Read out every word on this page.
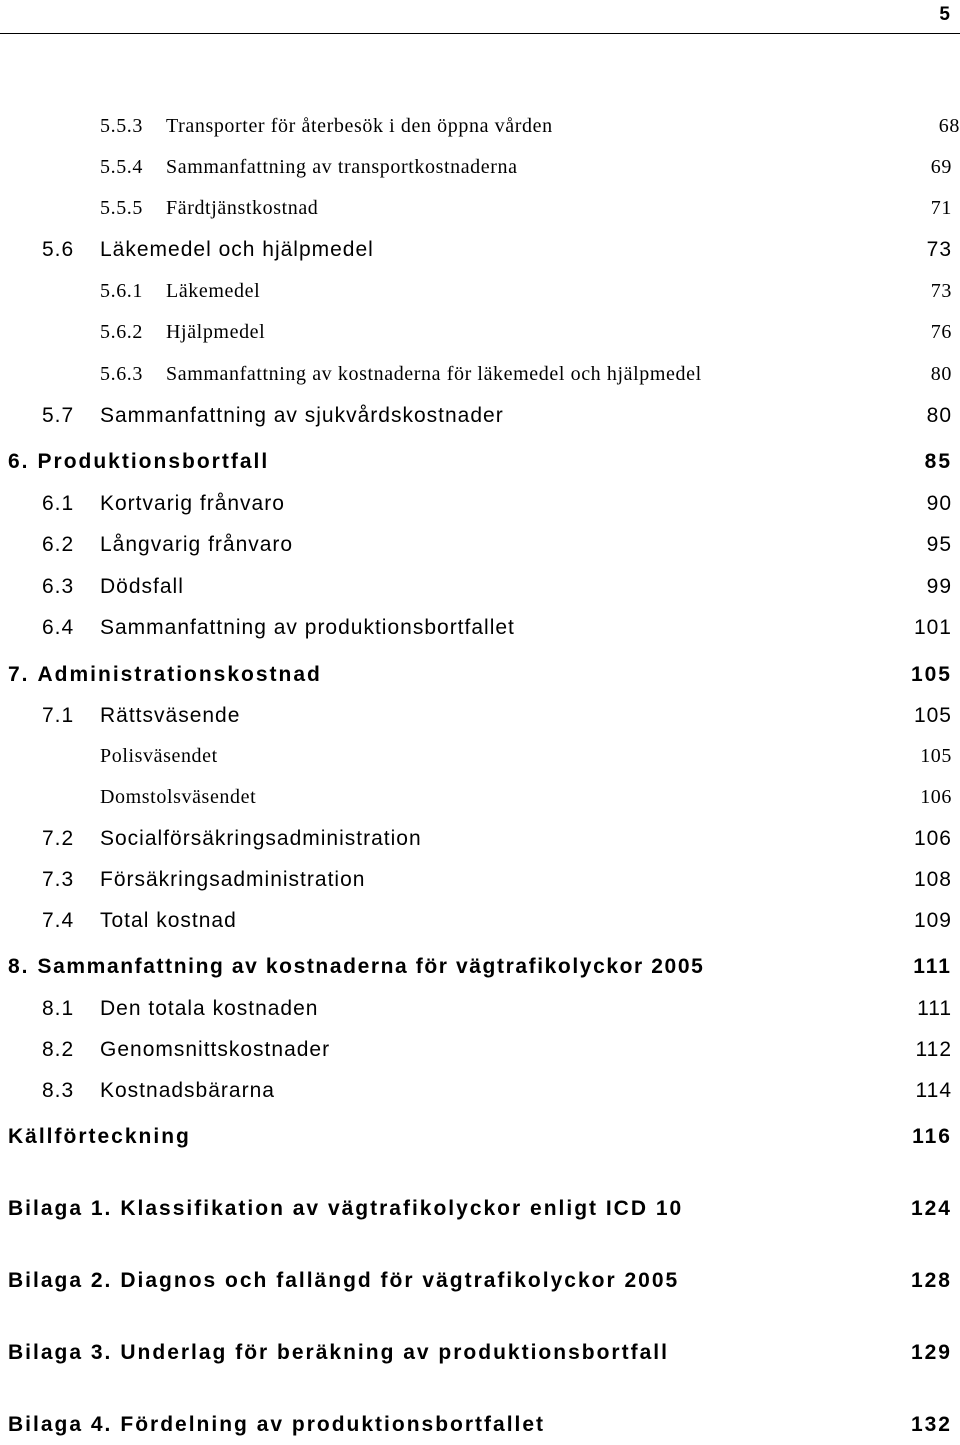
5
5.5.3	Transporter för återbesök i den öppna vården	68
5.5.4	Sammanfattning av transportkostnaderna	69
5.5.5	Färdtjänstkostnad	71
5.6	Läkemedel och hjälpmedel	73
5.6.1	Läkemedel	73
5.6.2	Hjälpmedel	76
5.6.3	Sammanfattning av kostnaderna för läkemedel och hjälpmedel	80
5.7	Sammanfattning av sjukvårdskostnader	80
6. Produktionsbortfall	85
6.1	Kortvarig frånvaro	90
6.2	Långvarig frånvaro	95
6.3	Dödsfall	99
6.4	Sammanfattning av produktionsbortfallet	101
7. Administrationskostnad	105
7.1	Rättsväsende	105
Polisväsendet	105
Domstolsväsendet	106
7.2	Socialförsäkringsadministration	106
7.3	Försäkringsadministration	108
7.4	Total kostnad	109
8. Sammanfattning av kostnaderna för vägtrafikolyckor 2005	111
8.1	Den totala kostnaden	111
8.2	Genomsnittskostnader	112
8.3	Kostnadsbärarna	114
Källförteckning	116
Bilaga 1. Klassifikation av vägtrafikolyckor enligt ICD 10	124
Bilaga 2. Diagnos och fallängd för vägtrafikolyckor 2005	128
Bilaga 3. Underlag för beräkning av produktionsbortfall	129
Bilaga 4. Fördelning av produktionsbortfallet	132
